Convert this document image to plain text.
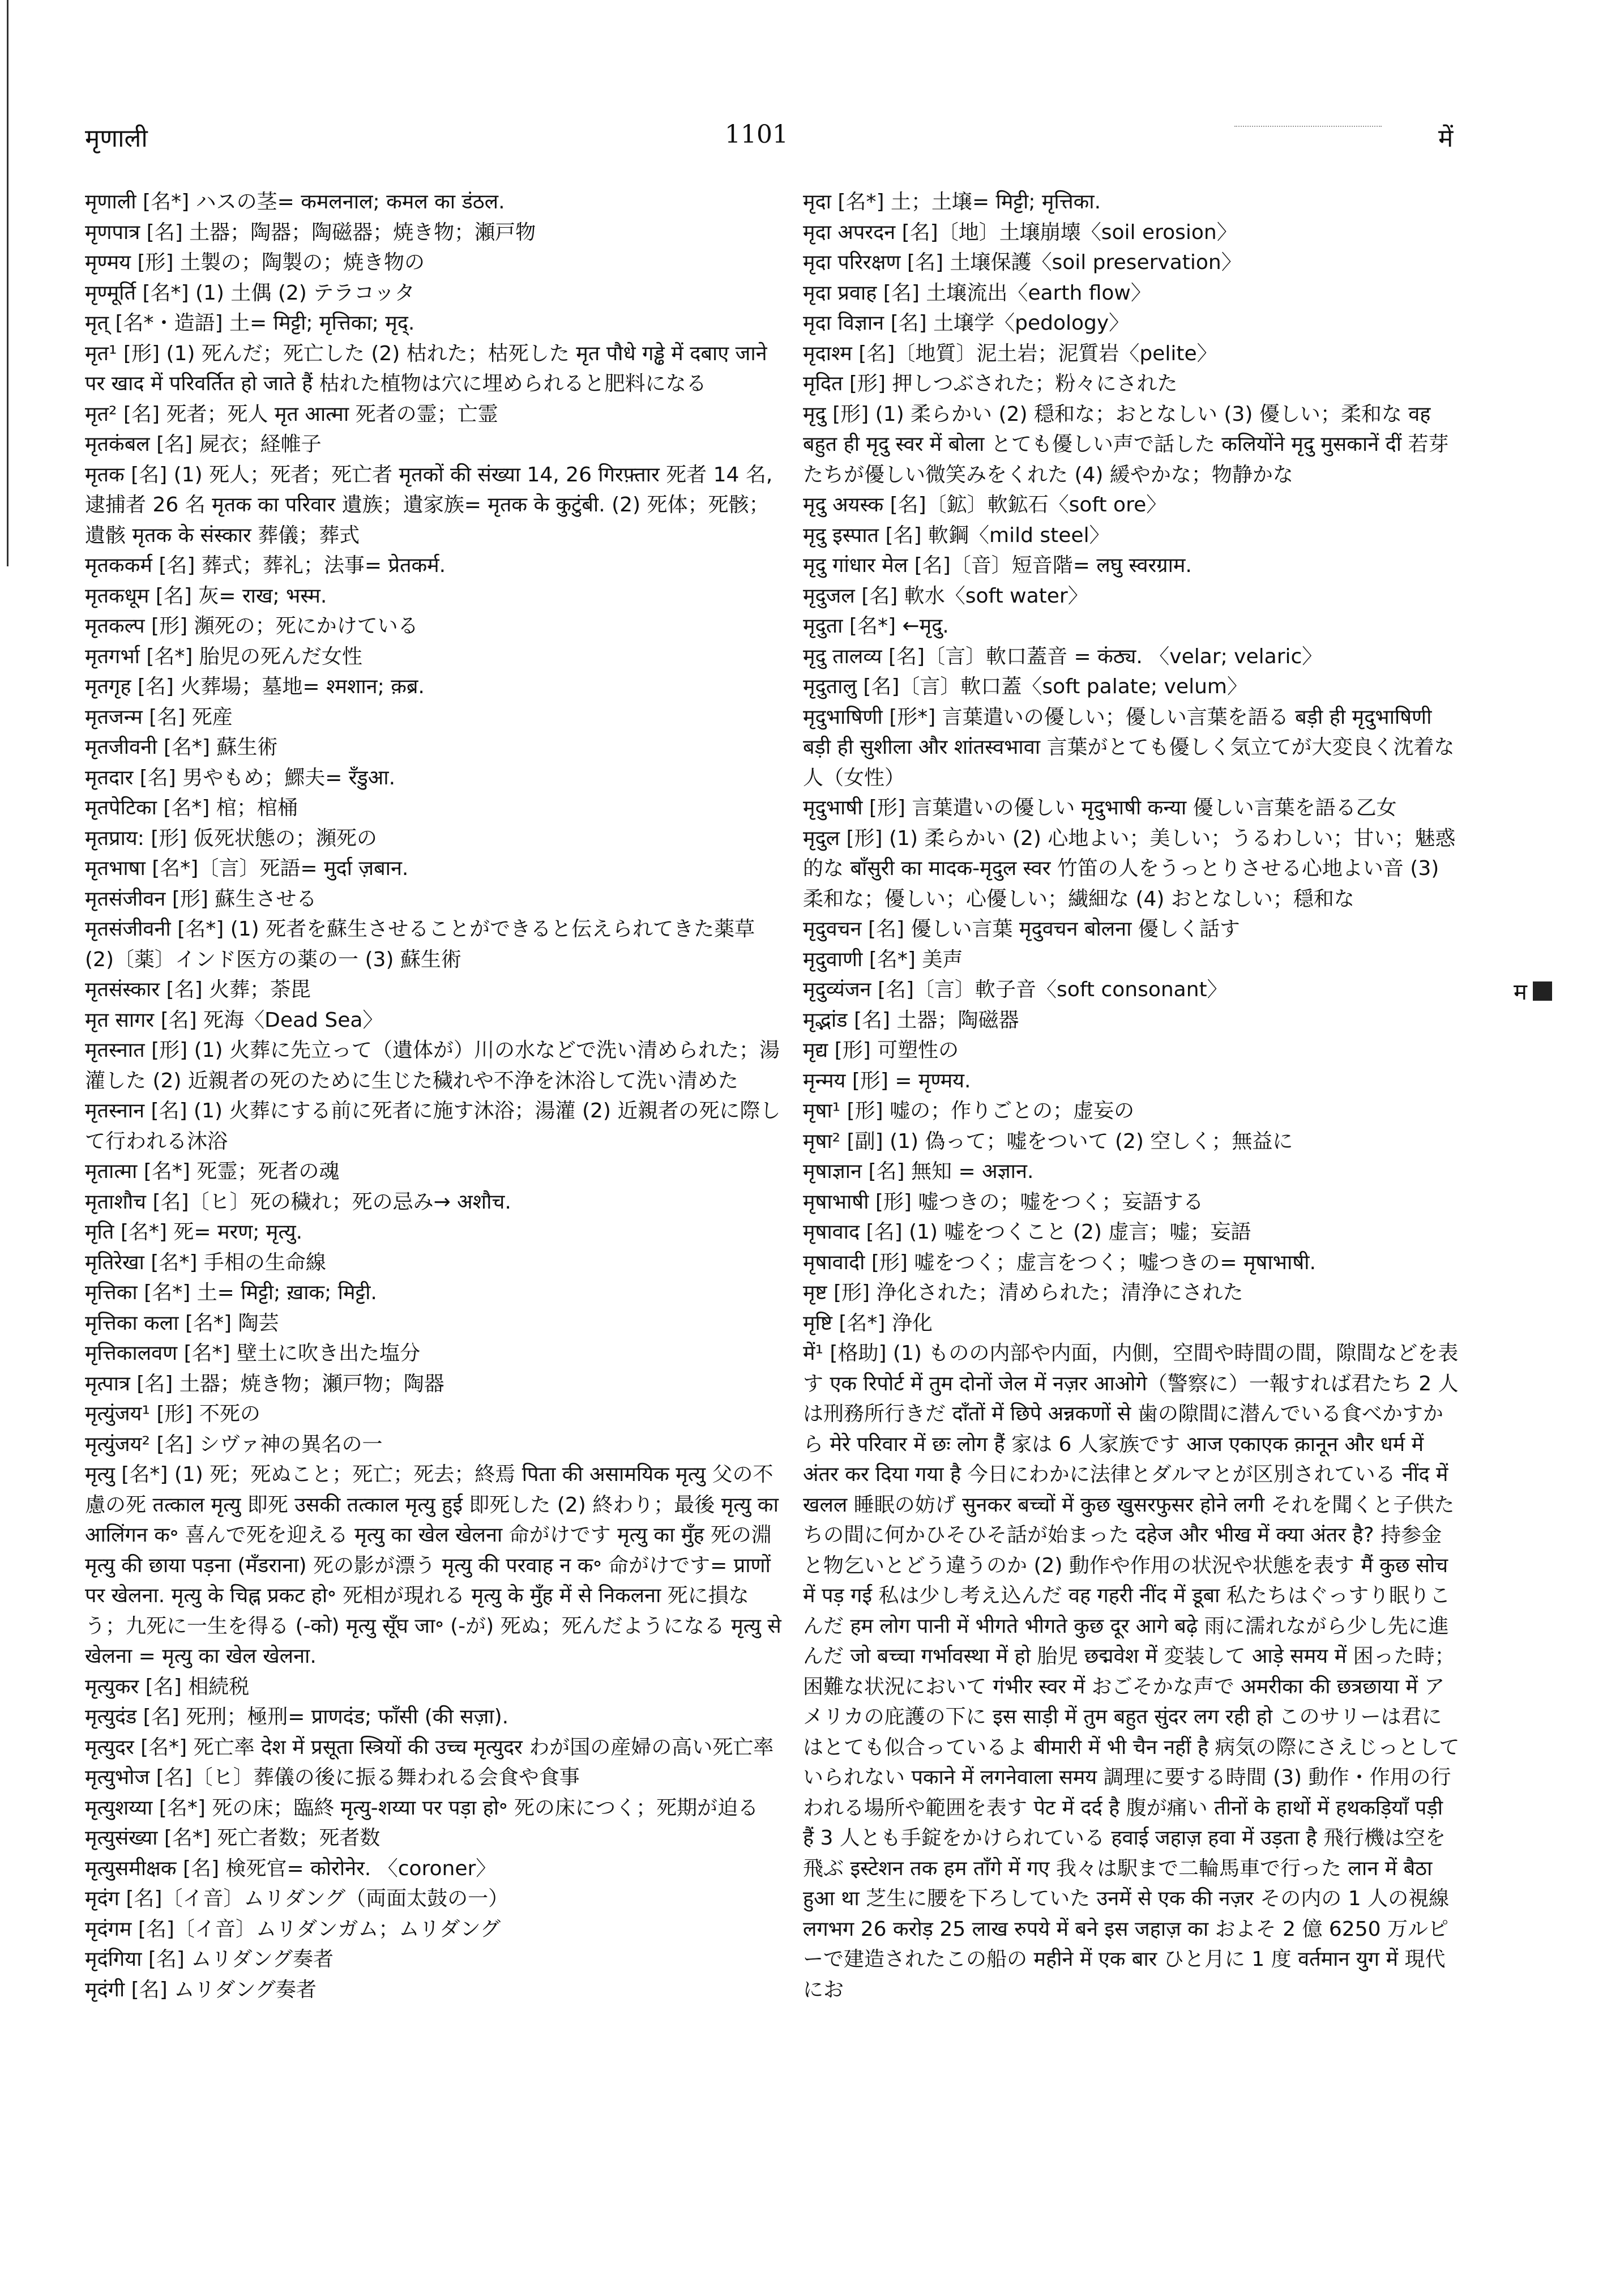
मृणाली	1101	में

मृणाली [名*] ハスの茎= कमलनाल; कमल का डंठल.

मृणपात्र [名] 土器；陶器；陶磁器；焼き物；瀬戸物

मृण्मय [形] 土製の；陶製の；焼き物の

मृण्मूर्ति [名*] (1) 土偶 (2) テラコッタ

मृत् [名*・造語] 土= मिट्टी; मृत्तिका; मृद्.

मृत¹ [形] (1) 死んだ；死亡した (2) 枯れた；枯死した मृत पौधे गड्ढे में दबाए जाने पर खाद में परिवर्तित हो जाते हैं 枯れた植物は穴に埋められると肥料になる

मृत² [名] 死者；死人 मृत आत्मा 死者の霊；亡霊

मृतकंबल [名] 屍衣；経帷子

मृतक [名] (1) 死人；死者；死亡者 मृतकों की संख्या 14, 26 गिरफ़्तार 死者 14 名, 逮捕者 26 名 मृतक का परिवार 遺族；遺家族= मृतक के कुटुंबी. (2) 死体；死骸；遺骸 मृतक के संस्कार 葬儀；葬式

मृतककर्म [名] 葬式；葬礼；法事= प्रेतकर्म.

मृतकधूम [名] 灰= राख; भस्म.

मृतकल्प [形] 瀕死の；死にかけている

मृतगर्भा [名*] 胎児の死んだ女性

मृतगृह [名] 火葬場；墓地= श्मशान; क़ब्र.

मृतजन्म [名] 死産

मृतजीवनी [名*] 蘇生術

मृतदार [名] 男やもめ；鰥夫= रँडुआ.

मृतपेटिका [名*] 棺；棺桶

मृतप्राय: [形] 仮死状態の；瀕死の

मृतभाषा [名*]〔言〕死語= मुर्दा ज़बान.

मृतसंजीवन [形] 蘇生させる

मृतसंजीवनी [名*] (1) 死者を蘇生させることができると伝えられてきた薬草 (2)〔薬〕インド医方の薬の一 (3) 蘇生術

मृतसंस्कार [名] 火葬；荼毘

मृत सागर [名] 死海〈Dead Sea〉

मृतस्नात [形] (1) 火葬に先立って（遺体が）川の水などで洗い清められた；湯灌した (2) 近親者の死のために生じた穢れや不浄を沐浴して洗い清めた

मृतस्नान [名] (1) 火葬にする前に死者に施す沐浴；湯灌 (2) 近親者の死に際して行われる沐浴

मृतात्मा [名*] 死霊；死者の魂

मृताशौच [名]〔ヒ〕死の穢れ；死の忌み→ अशौच.

मृति [名*] 死= मरण; मृत्यु.

मृतिरेखा [名*] 手相の生命線

मृत्तिका [名*] 土= मिट्टी; ख़ाक; मिट्टी.

मृत्तिका कला [名*] 陶芸

मृत्तिकालवण [名*] 壁土に吹き出た塩分

मृत्पात्र [名] 土器；焼き物；瀬戸物；陶器

मृत्युंजय¹ [形] 不死の

मृत्युंजय² [名] シヴァ神の異名の一

मृत्यु [名*] (1) 死；死ぬこと；死亡；死去；終焉 पिता की असामयिक मृत्यु 父の不慮の死 तत्काल मृत्यु 即死 उसकी तत्काल मृत्यु हुई 即死した (2) 終わり；最後 मृत्यु का आलिंगन क॰ 喜んで死を迎える मृत्यु का खेल खेलना 命がけです मृत्यु का मुँह 死の淵 मृत्यु की छाया पड़ना (मँडराना) 死の影が漂う मृत्यु की परवाह न क॰ 命がけです= प्राणों पर खेलना. मृत्यु के चिह्न प्रकट हो॰ 死相が現れる मृत्यु के मुँह में से निकलना 死に損なう；九死に一生を得る (-को) मृत्यु सूँघ जा॰ (-が) 死ぬ；死んだようになる मृत्यु से खेलना = मृत्यु का खेल खेलना.

मृत्युकर [名] 相続税

मृत्युदंड [名] 死刑；極刑= प्राणदंड; फाँसी (की सज़ा).

मृत्युदर [名*] 死亡率 देश में प्रसूता स्त्रियों की उच्च मृत्युदर わが国の産婦の高い死亡率

मृत्युभोज [名]〔ヒ〕葬儀の後に振る舞われる会食や食事

मृत्युशय्या [名*] 死の床；臨終 मृत्यु-शय्या पर पड़ा हो॰ 死の床につく；死期が迫る

मृत्युसंख्या [名*] 死亡者数；死者数

मृत्युसमीक्षक [名] 検死官= कोरोनेर. 〈coroner〉

मृदंग [名]〔イ音〕ムリダング（両面太鼓の一）

मृदंगम [名]〔イ音〕ムリダンガム；ムリダング

मृदंगिया [名] ムリダング奏者

मृदंगी [名] ムリダング奏者

मृदा [名*] 土；土壌= मिट्टी; मृत्तिका.

मृदा अपरदन [名]〔地〕土壌崩壊〈soil erosion〉

मृदा परिरक्षण [名] 土壌保護〈soil preservation〉

मृदा प्रवाह [名] 土壌流出〈earth flow〉

मृदा विज्ञान [名] 土壌学〈pedology〉

मृदाश्म [名]〔地質〕泥土岩；泥質岩〈pelite〉

मृदित [形] 押しつぶされた；粉々にされた

मृदु [形] (1) 柔らかい (2) 穏和な；おとなしい (3) 優しい；柔和な वह बहुत ही मृदु स्वर में बोला とても優しい声で話した कलियोंने मृदु मुसकानें दीं 若芽たちが優しい微笑みをくれた (4) 緩やかな；物静かな

मृदु अयस्क [名]〔鉱〕軟鉱石〈soft ore〉

मृदु इस्पात [名] 軟鋼〈mild steel〉

मृदु गांधार मेल [名]〔音〕短音階= लघु स्वरग्राम.

मृदुजल [名] 軟水〈soft water〉

मृदुता [名*] ←मृदु.

मृदु तालव्य [名]〔言〕軟口蓋音 = कंठ्य. 〈velar; velaric〉

मृदुतालु [名]〔言〕軟口蓋〈soft palate; velum〉

मृदुभाषिणी [形*] 言葉遣いの優しい；優しい言葉を語る बड़ी ही मृदुभाषिणी बड़ी ही सुशीला और शांतस्वभावा 言葉がとても優しく気立てが大変良く沈着な人（女性）

मृदुभाषी [形] 言葉遣いの優しい मृदुभाषी कन्या 優しい言葉を語る乙女

मृदुल [形] (1) 柔らかい (2) 心地よい；美しい；うるわしい；甘い；魅惑的な बाँसुरी का मादक-मृदुल स्वर 竹笛の人をうっとりさせる心地よい音 (3) 柔和な；優しい；心優しい；繊細な (4) おとなしい；穏和な

मृदुवचन [名] 優しい言葉 मृदुवचन बोलना 優しく話す

मृदुवाणी [名*] 美声

मृदुव्यंजन [名]〔言〕軟子音〈soft consonant〉

मृद्भांड [名] 土器；陶磁器

मृद्य [形] 可塑性の

मृन्मय [形] = मृण्मय.

मृषा¹ [形] 嘘の；作りごとの；虚妄の

मृषा² [副] (1) 偽って；嘘をついて (2) 空しく；無益に

मृषाज्ञान [名] 無知 = अज्ञान.

मृषाभाषी [形] 嘘つきの；嘘をつく；妄語する

मृषावाद [名] (1) 嘘をつくこと (2) 虚言；嘘；妄語

मृषावादी [形] 嘘をつく；虚言をつく；嘘つきの= मृषाभाषी.

मृष्ट [形] 浄化された；清められた；清浄にされた

मृष्टि [名*] 浄化

में¹ [格助] (1) ものの内部や内面，内側，空間や時間の間，隙間などを表す एक रिपोर्ट में तुम दोनों जेल में नज़र आओगे（警察に）一報すれば君たち 2 人は刑務所行きだ दाँतों में छिपे अन्नकणों से 歯の隙間に潜んでいる食べかすから मेरे परिवार में छः लोग हैं 家は 6 人家族です आज एकाएक क़ानून और धर्म में अंतर कर दिया गया है 今日にわかに法律とダルマとが区別されている नींद में खलल 睡眠の妨げ सुनकर बच्चों में कुछ खुसरफुसर होने लगी それを聞くと子供たちの間に何かひそひそ話が始まった दहेज और भीख में क्या अंतर है? 持参金と物乞いとどう違うのか (2) 動作や作用の状況や状態を表す मैं कुछ सोच में पड़ गई 私は少し考え込んだ वह गहरी नींद में डूबा 私たちはぐっすり眠りこんだ हम लोग पानी में भीगते भीगते कुछ दूर आगे बढ़े 雨に濡れながら少し先に進んだ जो बच्चा गर्भावस्था में हो 胎児 छद्मवेश में 変装して आड़े समय में 困った時；困難な状況において गंभीर स्वर में おごそかな声で अमरीका की छत्रछाया में アメリカの庇護の下に इस साड़ी में तुम बहुत सुंदर लग रही हो このサリーは君にはとても似合っているよ बीमारी में भी चैन नहीं है 病気の際にさえじっとしていられない पकाने में लगनेवाला समय 調理に要する時間 (3) 動作・作用の行われる場所や範囲を表す पेट में दर्द है 腹が痛い तीनों के हाथों में हथकड़ियाँ पड़ी हैं 3 人とも手錠をかけられている हवाई जहाज़ हवा में उड़ता है 飛行機は空を飛ぶ इस्टेशन तक हम ताँगे में गए 我々は駅まで二輪馬車で行った लान में बैठा हुआ था 芝生に腰を下ろしていた उनमें से एक की नज़र その内の 1 人の視線 लगभग 26 करोड़ 25 लाख रुपये में बने इस जहाज़ का およそ 2 億 6250 万ルピーで建造されたこの船の महीने में एक बार ひと月に 1 度 वर्तमान युग में 現代にお

म
